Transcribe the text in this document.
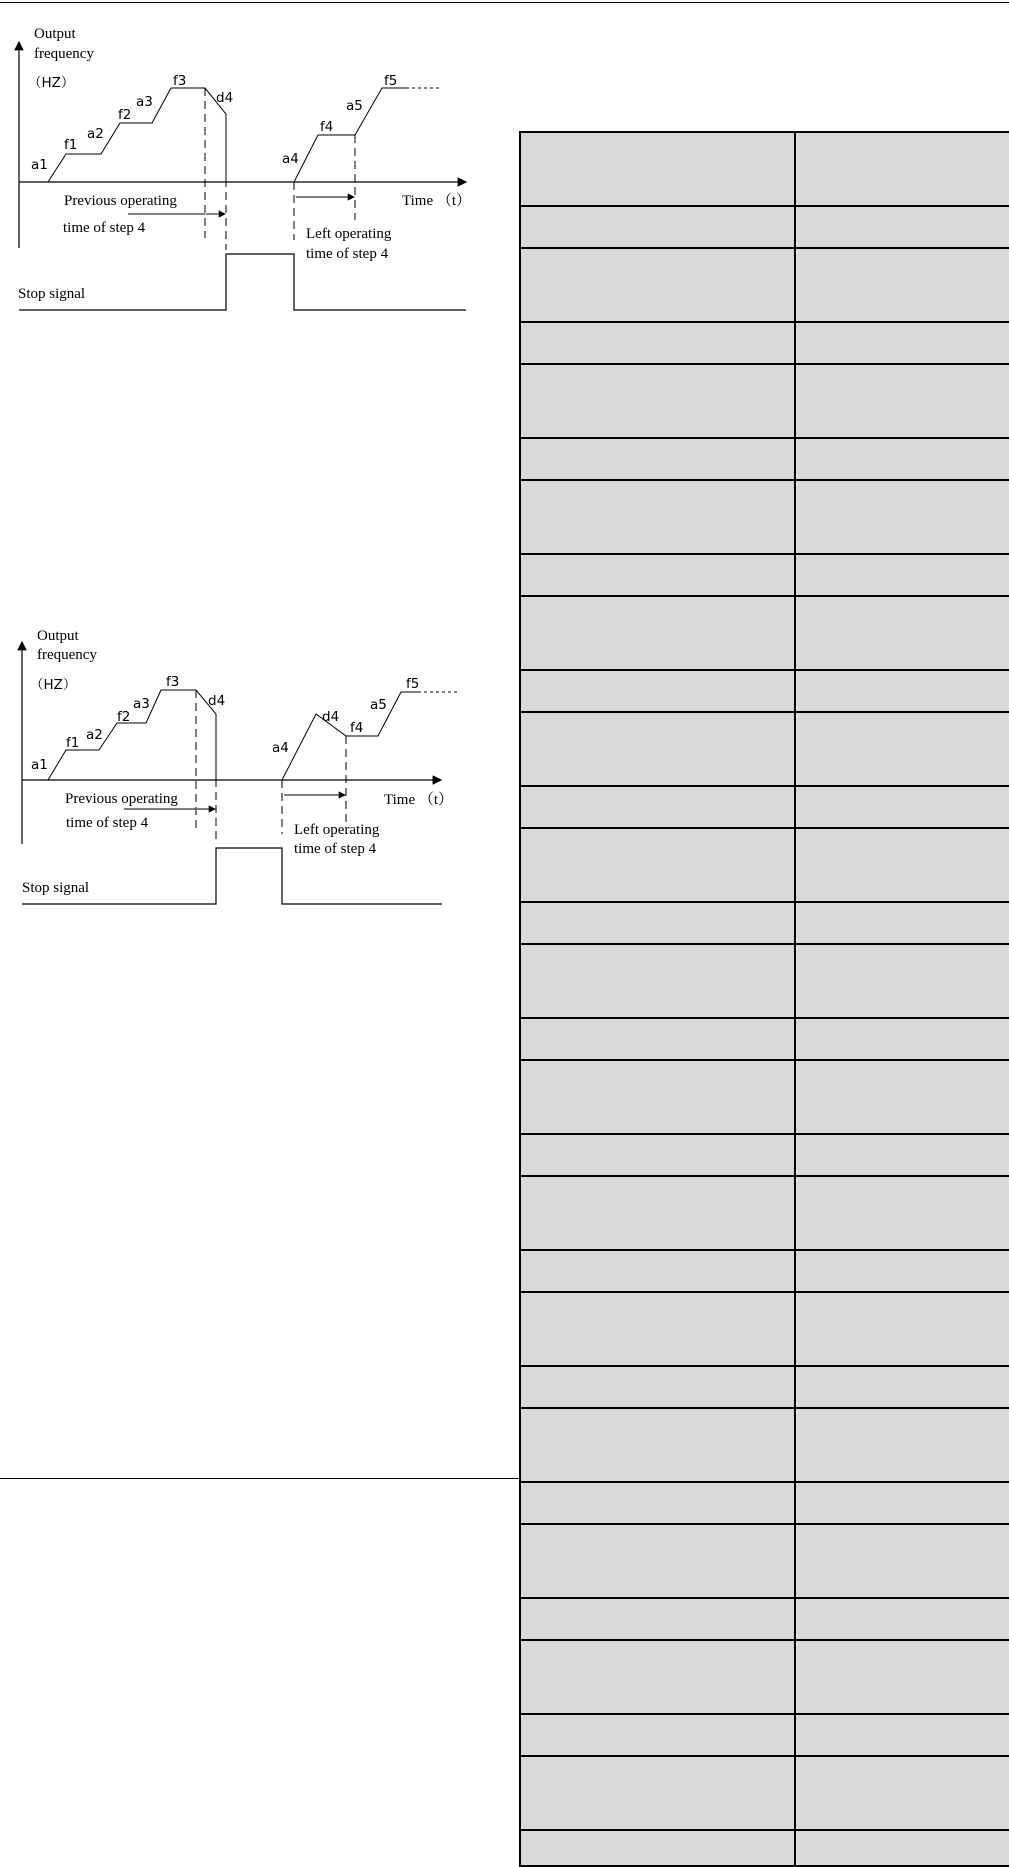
Output
frequency
（HZ）
Time （t）
a1
f1
a2
f2
a3
f3
d4
a4
f4
a5
f5
Previous operating
time of step 4	Left operating
time of step 4
Stop signal
Output
frequency
（HZ）
Time （t）
a1
f1 a2
f2
a3
f3
d4
a4
d4
f4
a5
f5
Previous operating
time of step 4	Left operating
time of step 4
Stop signal
